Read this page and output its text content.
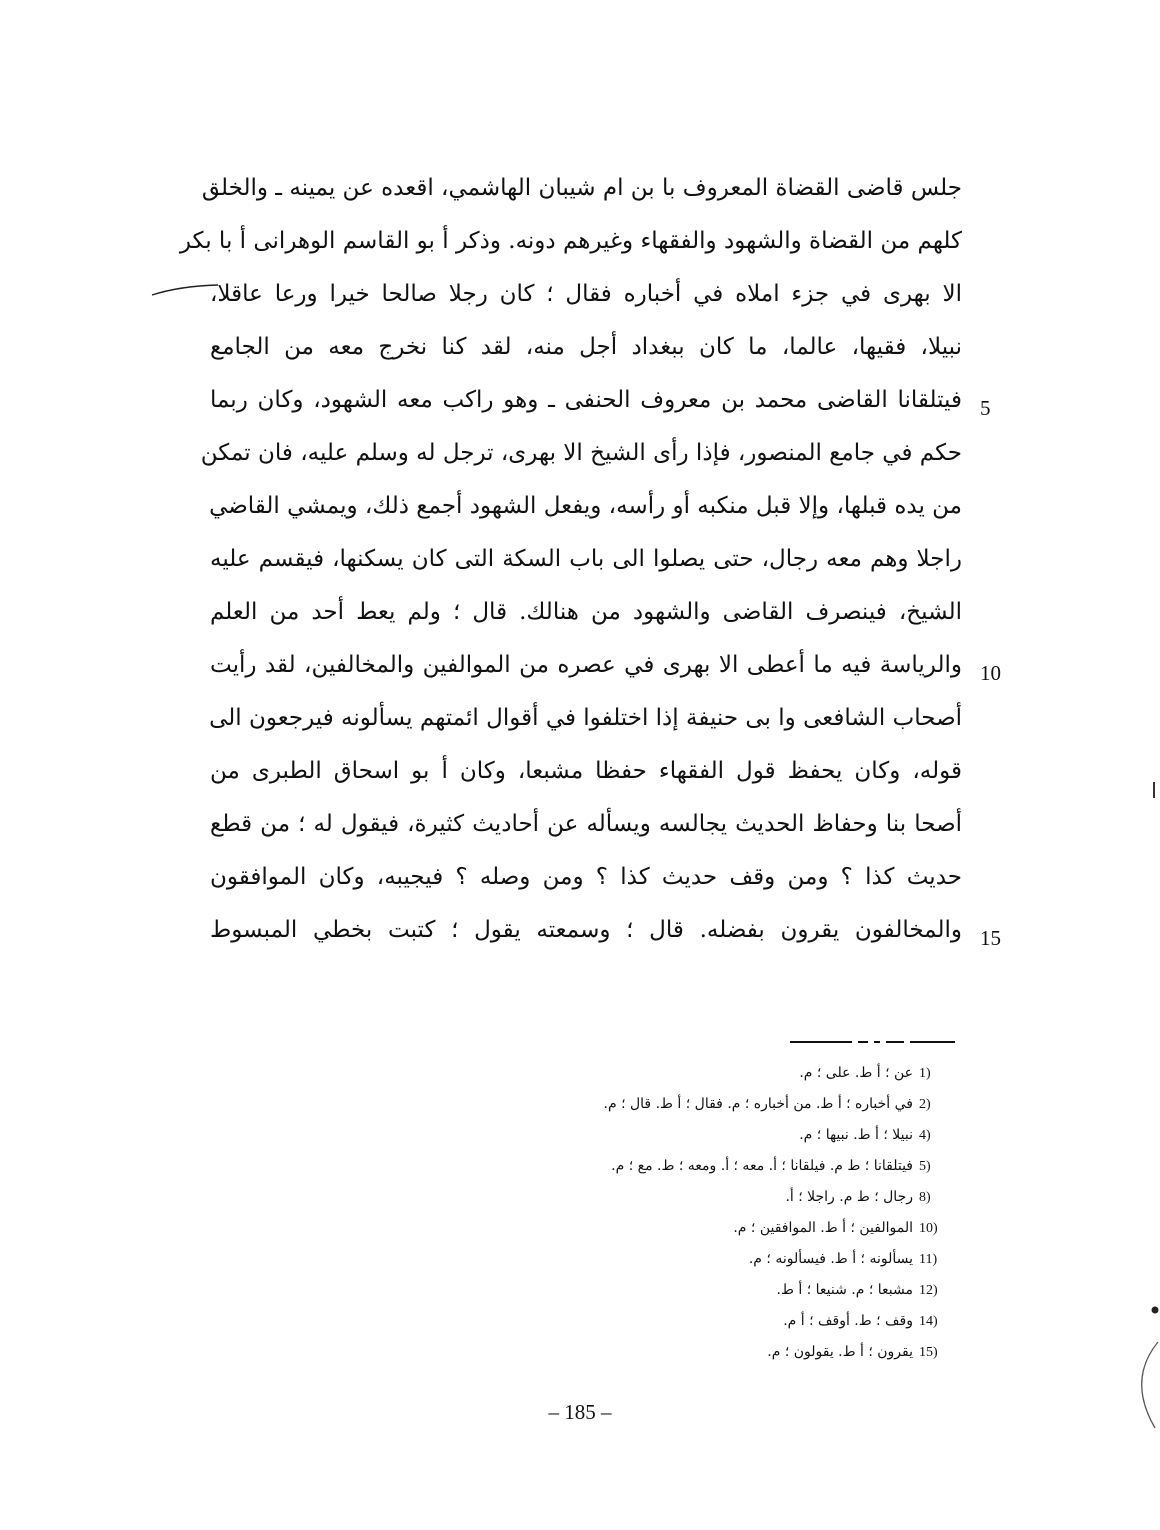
جلس قاضى القضاة المعروف با بن ام شيبان الهاشمي، اقعده عن يمينه ـ والخلق
كلهم من القضاة والشهود والفقهاء وغيرهم دونه. وذكر أ بو القاسم الوهرانى أ با بكر
الا بهرى في جزء املاه في أخباره فقال ؛ كان رجلا صالحا خيرا ورعا عاقلا،
نبيلا، فقيها، عالما، ما كان ببغداد أجل منه، لقد كنا نخرج معه من الجامع
فيتلقانا القاضى محمد بن معروف الحنفى ـ وهو راكب معه الشهود، وكان ربما 5
حكم في جامع المنصور، فإذا رأى الشيخ الا بهرى، ترجل له وسلم عليه، فان تمكن
من يده قبلها، وإلا قبل منكبه أو رأسه، ويفعل الشهود أجمع ذلك، ويمشي القاضي
راجلا وهم معه رجال، حتى يصلوا الى باب السكة التى كان يسكنها، فيقسم عليه
الشيخ، فينصرف القاضى والشهود من هنالك. قال ؛ ولم يعط أحد من العلم
والرياسة فيه ما أعطى الا بهرى في عصره من الموالفين والمخالفين، لقد رأيت 10
أصحاب الشافعى وا بى حنيفة إذا اختلفوا في أقوال ائمتهم يسألونه فيرجعون الى
قوله، وكان يحفظ قول الفقهاء حفظا مشبعا، وكان أ بو اسحاق الطبرى من
أصحا بنا وحفاظ الحديث يجالسه ويسأله عن أحاديث كثيرة، فيقول له ؛ من قطع
حديث كذا ؟ ومن وقف حديث كذا ؟ ومن وصله ؟ فيجيبه، وكان الموافقون
والمخالفون يقرون بفضله. قال ؛ وسمعته يقول ؛ كتبت بخطي المبسوط 15
1)
عن ؛ أ ط. على ؛ م.
2)
في أخباره ؛ أ ط. من أخباره ؛ م. فقال ؛ أ ط. قال ؛ م.
4)
نبيلا ؛ أ ط. نبيها ؛ م.
5)
فيتلقانا ؛ ط م. فيلقانا ؛ أ. معه ؛ أ. ومعه ؛ ط. مع ؛ م.
8)
رجال ؛ ط م. راجلا ؛ أ.
10)
الموالفين ؛ أ ط. الموافقين ؛ م.
11)
يسألونه ؛ أ ط. فيسألونه ؛ م.
12)
مشبعا ؛ م. شنيعا ؛ أ ط.
14)
وقف ؛ ط. أوقف ؛ أ م.
15)
يقرون ؛ أ ط. يقولون ؛ م.
– 185 –
